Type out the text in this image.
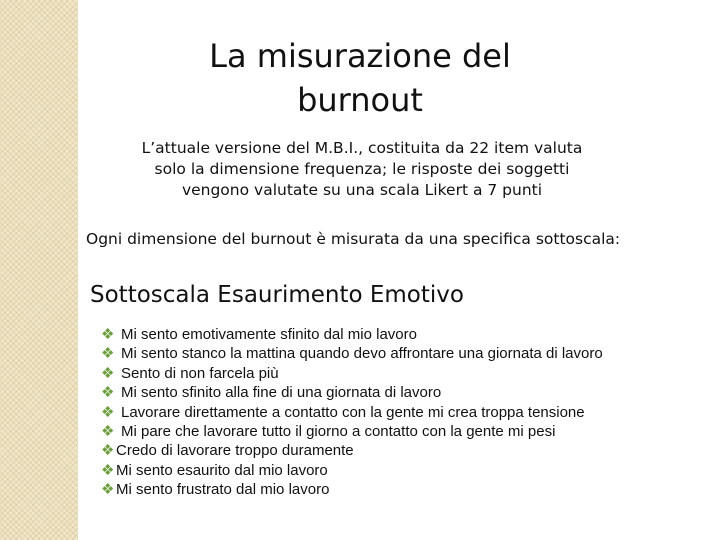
La misurazione del
burnout
L’attuale versione del M.B.I., costituita da 22 item valuta
solo la dimensione frequenza; le risposte dei soggetti
vengono valutate su una scala Likert a 7 punti
Ogni dimensione del burnout è misurata da una specifica sottoscala:
Sottoscala Esaurimento Emotivo
❖ Mi sento emotivamente sfinito dal mio lavoro
❖ Mi sento stanco la mattina quando devo affrontare una giornata di lavoro
❖ Sento di non farcela più
❖ Mi sento sfinito alla fine di una giornata di lavoro
❖ Lavorare direttamente a contatto con la gente mi crea troppa tensione
❖ Mi pare che lavorare tutto il giorno a contatto con la gente mi pesi
❖ Credo di lavorare troppo duramente
❖ Mi sento esaurito dal mio lavoro
❖ Mi sento frustrato dal mio lavoro
